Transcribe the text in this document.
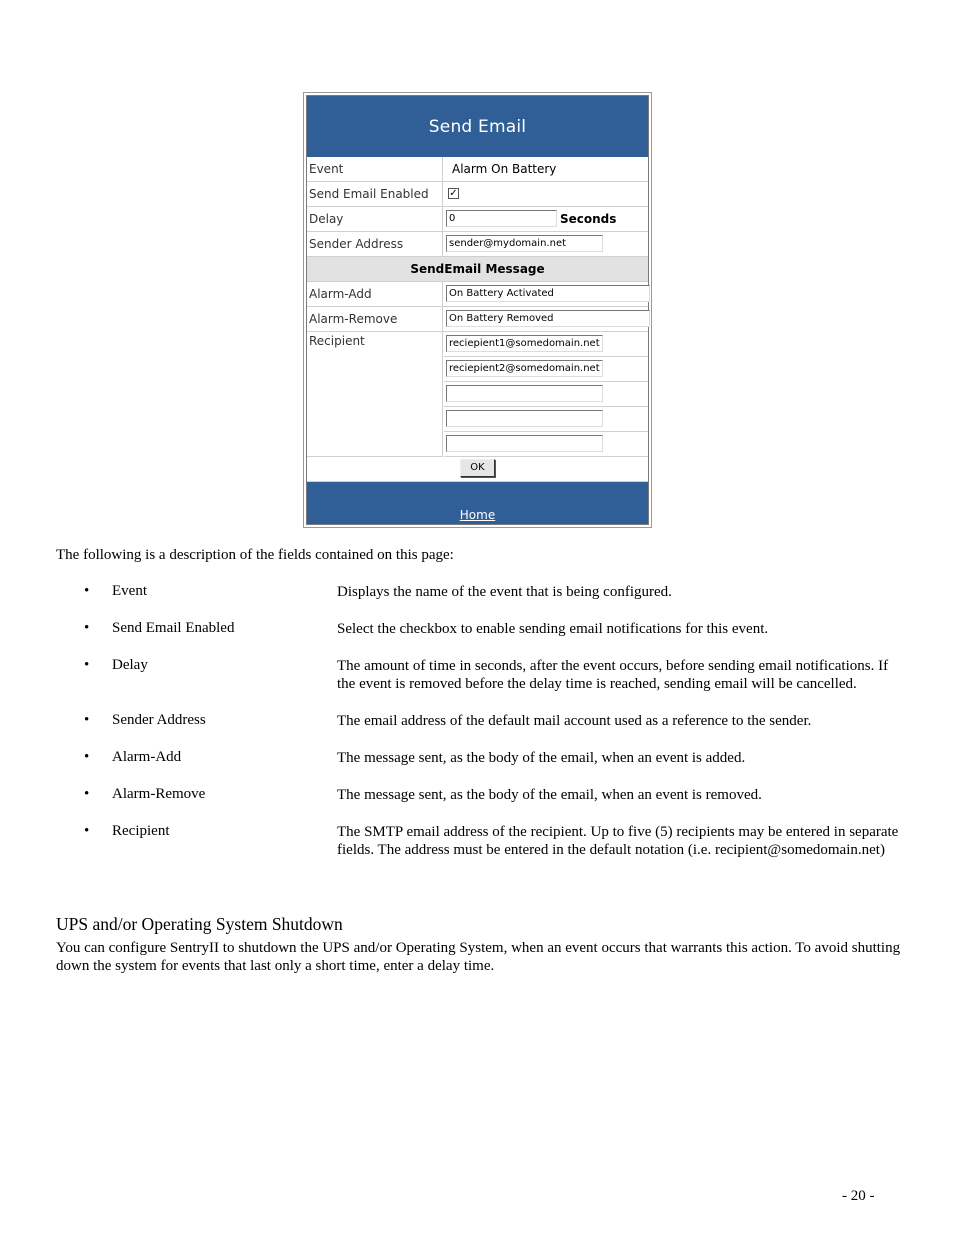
Send Email
Event	Alarm On Battery
Send Email Enabled	✓
Delay	0	Seconds
Sender Address	sender@mydomain.net
SendEmail Message
Alarm-Add	On Battery Activated
Alarm-Remove	On Battery Removed
Recipient	reciepient1@somedomain.net
reciepient2@somedomain.net
OK
Home
The following is a description of the fields contained on this page:
• Event	Displays the name of the event that is being configured.
• Send Email Enabled	Select the checkbox to enable sending email notifications for this event.
• Delay	The amount of time in seconds, after the event occurs, before sending email notifications. If the event is removed before the delay time is reached, sending email will be cancelled.
• Sender Address	The email address of the default mail account used as a reference to the sender.
• Alarm-Add	The message sent, as the body of the email, when an event is added.
• Alarm-Remove	The message sent, as the body of the email, when an event is removed.
• Recipient	The SMTP email address of the recipient. Up to five (5) recipients may be entered in separate fields. The address must be entered in the default notation (i.e. recipient@somedomain.net)
UPS and/or Operating System Shutdown
You can configure SentryII to shutdown the UPS and/or Operating System, when an event occurs that warrants this action. To avoid shutting down the system for events that last only a short time, enter a delay time.
- 20 -
